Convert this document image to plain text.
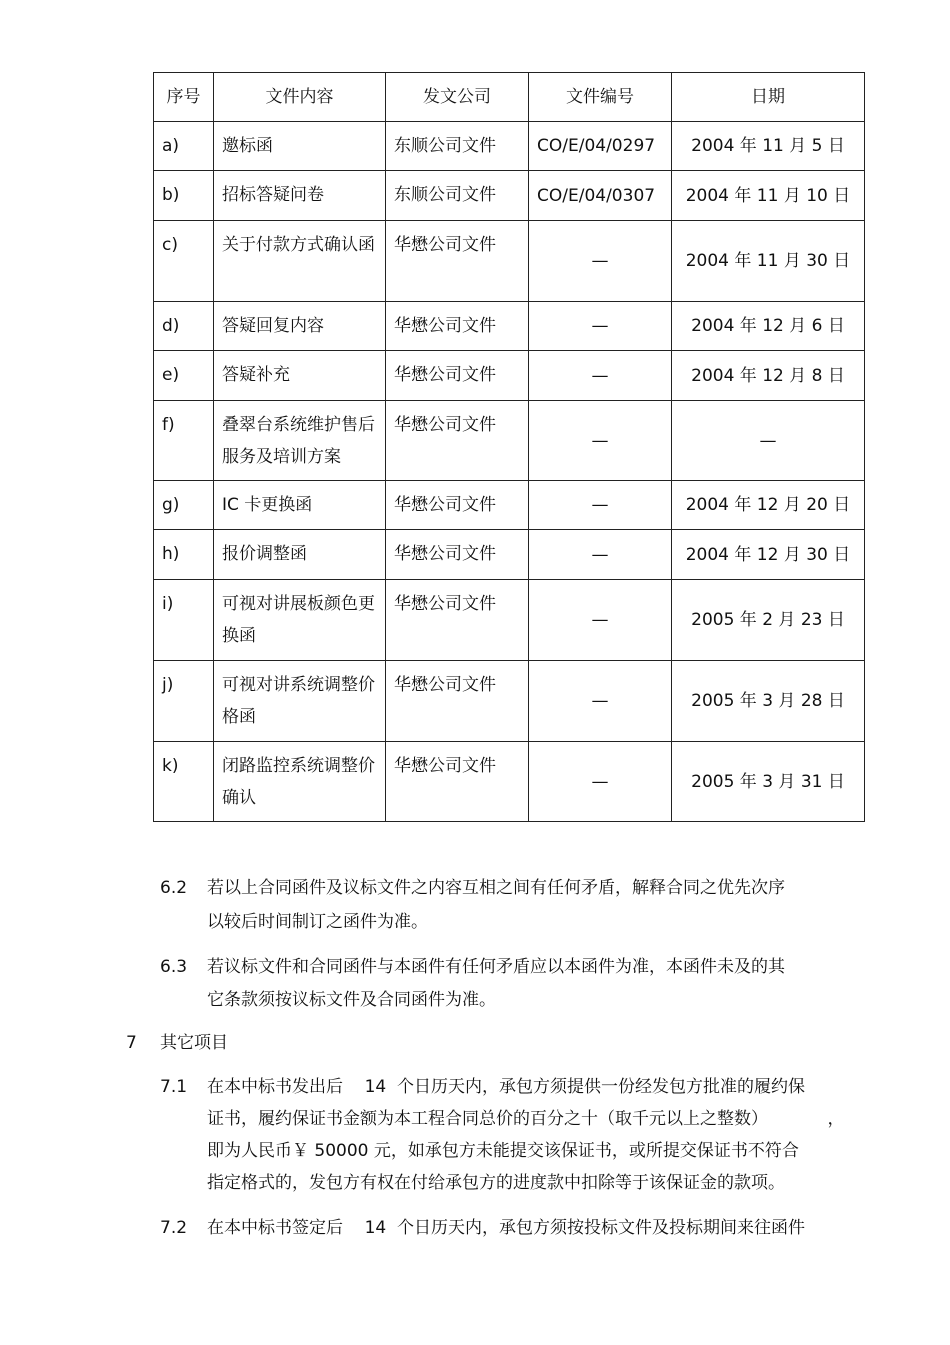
序号	文件内容	发文公司	文件编号	日期
a)	邀标函	东顺公司文件	CO/E/04/0297	2004 年 11 月 5 日
b)	招标答疑问卷	东顺公司文件	CO/E/04/0307	2004 年 11 月 10 日
c)	关于付款方式确认函	华懋公司文件	—	2004 年 11 月 30 日
d)	答疑回复内容	华懋公司文件	—	2004 年 12 月 6 日
e)	答疑补充	华懋公司文件	—	2004 年 12 月 8 日
f)	叠翠台系统维护售后服务及培训方案	华懋公司文件	—	—
g)	IC 卡更换函	华懋公司文件	—	2004 年 12 月 20 日
h)	报价调整函	华懋公司文件	—	2004 年 12 月 30 日
i)	可视对讲展板颜色更换函	华懋公司文件	—	2005 年 2 月 23 日
j)	可视对讲系统调整价格函	华懋公司文件	—	2005 年 3 月 28 日
k)	闭路监控系统调整价确认	华懋公司文件	—	2005 年 3 月 31 日
6.2 若以上合同函件及议标文件之内容互相之间有任何矛盾，解释合同之优先次序
以较后时间制订之函件为准。
6.3 若议标文件和合同函件与本函件有任何矛盾应以本函件为准，本函件未及的其
它条款须按议标文件及合同函件为准。
7 其它项目
7.1 在本中标书发出后    14  个日历天内，承包方须提供一份经发包方批准的履约保
证书，履约保证书金额为本工程合同总价的百分之十（取千元以上之整数）           ，
即为人民币￥ 50000 元，如承包方未能提交该保证书，或所提交保证书不符合
指定格式的，发包方有权在付给承包方的进度款中扣除等于该保证金的款项。
7.2 在本中标书签定后    14  个日历天内，承包方须按投标文件及投标期间来往函件
